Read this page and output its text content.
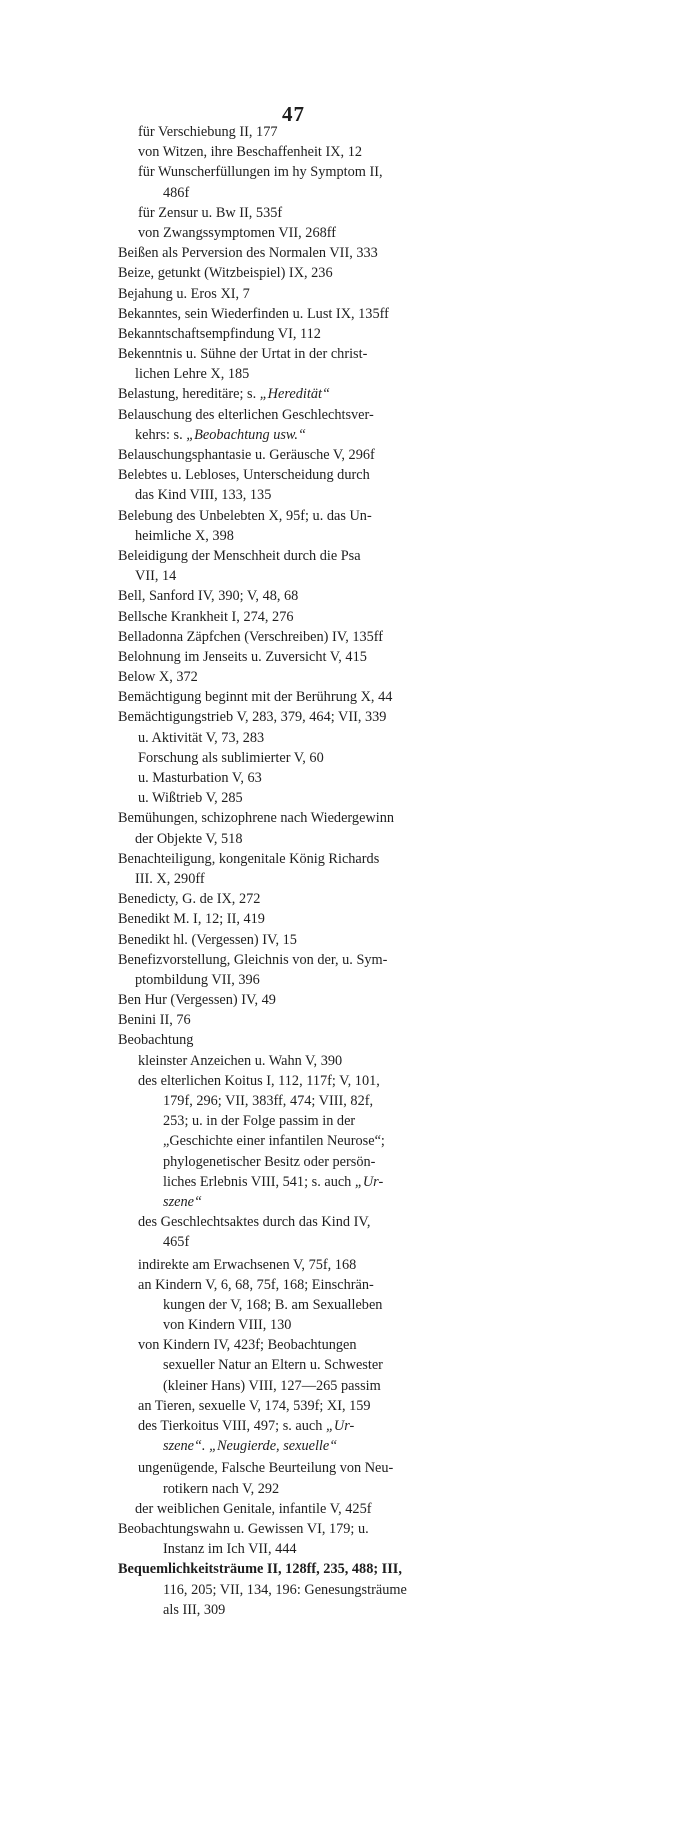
47
für Verschiebung II, 177
von Witzen, ihre Beschaffenheit IX, 12
für Wunscherfüllungen im hy Symptom II,
486f
für Zensur u. Bw II, 535f
von Zwangssymptomen VII, 268ff
Beißen als Perversion des Normalen VII, 333
Beize, getunkt (Witzbeispiel) IX, 236
Bejahung u. Eros XI, 7
Bekanntes, sein Wiederfinden u. Lust IX, 135ff
Bekanntschaftsempfindung VI, 112
Bekenntnis u. Sühne der Urtat in der christ-
lichen Lehre X, 185
Belastung, hereditäre; s. „Heredität“
Belauschung des elterlichen Geschlechtsver-
kehrs: s. „Beobachtung usw.“
Belauschungsphantasie u. Geräusche V, 296f
Belebtes u. Lebloses, Unterscheidung durch
das Kind VIII, 133, 135
Belebung des Unbelebten X, 95f; u. das Un-
heimliche X, 398
Beleidigung der Menschheit durch die Psa
VII, 14
Bell, Sanford IV, 390; V, 48, 68
Bellsche Krankheit I, 274, 276
Belladonna Zäpfchen (Verschreiben) IV, 135ff
Belohnung im Jenseits u. Zuversicht V, 415
Below X, 372
Bemächtigung beginnt mit der Berührung X, 44
Bemächtigungstrieb V, 283, 379, 464; VII, 339
u. Aktivität V, 73, 283
Forschung als sublimierter V, 60
u. Masturbation V, 63
u. Wißtrieb V, 285
Bemühungen, schizophrene nach Wiedergewinn
der Objekte V, 518
Benachteiligung, kongenitale König Richards
III. X, 290ff
Benedicty, G. de IX, 272
Benedikt M. I, 12; II, 419
Benedikt hl. (Vergessen) IV, 15
Benefizvorstellung, Gleichnis von der, u. Sym-
ptombildung VII, 396
Ben Hur (Vergessen) IV, 49
Benini II, 76
Beobachtung
kleinster Anzeichen u. Wahn V, 390
des elterlichen Koitus I, 112, 117f; V, 101,
179f, 296; VII, 383ff, 474; VIII, 82f,
253; u. in der Folge passim in der
„Geschichte einer infantilen Neurose“;
phylogenetischer Besitz oder persön-
liches Erlebnis VIII, 541; s. auch „Ur-
szene“
des Geschlechtsaktes durch das Kind IV,
465f
indirekte am Erwachsenen V, 75f, 168
an Kindern V, 6, 68, 75f, 168; Einschrän-
kungen der V, 168; B. am Sexualleben
von Kindern VIII, 130
von Kindern IV, 423f; Beobachtungen
sexueller Natur an Eltern u. Schwester
(kleiner Hans) VIII, 127—265 passim
an Tieren, sexuelle V, 174, 539f; XI, 159
des Tierkoitus VIII, 497; s. auch „Ur-
szene“. „Neugierde, sexuelle“
ungenügende, Falsche Beurteilung von Neu-
rotikern nach V, 292
der weiblichen Genitale, infantile V, 425f
Beobachtungswahn u. Gewissen VI, 179; u.
Instanz im Ich VII, 444
Bequemlichkeitsträume II, 128ff, 235, 488; III,
116, 205; VII, 134, 196: Genesungsträume
als III, 309
